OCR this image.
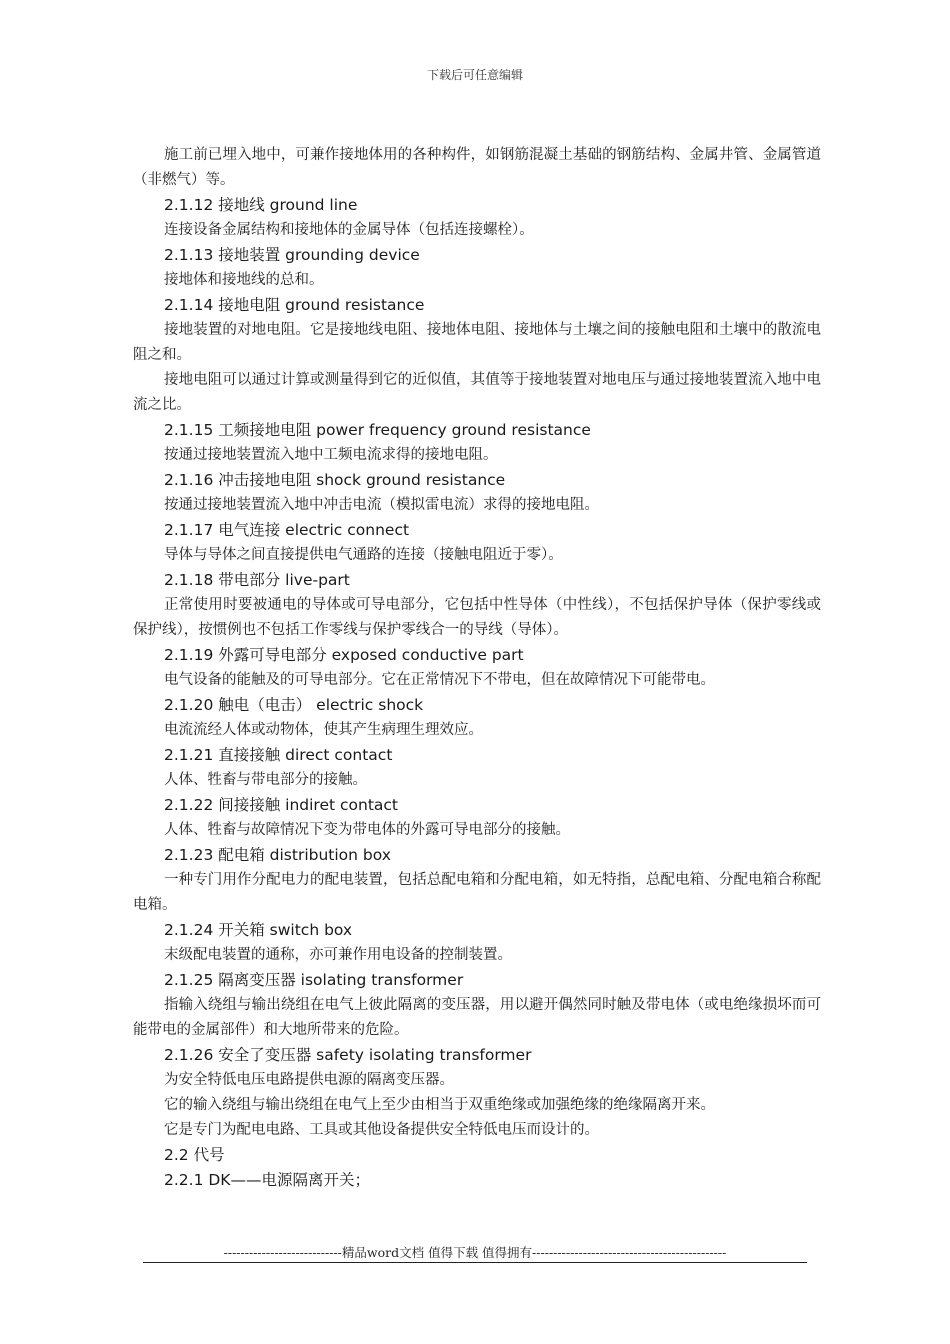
下载后可任意编辑
施工前已埋入地中，可兼作接地体用的各种构件，如钢筋混凝土基础的钢筋结构、金属井管、金属管道（非燃气）等。
2.1.12 接地线 ground line
连接设备金属结构和接地体的金属导体（包括连接螺栓）。
2.1.13 接地装置 grounding device
接地体和接地线的总和。
2.1.14 接地电阻 ground resistance
接地装置的对地电阻。它是接地线电阻、接地体电阻、接地体与土壤之间的接触电阻和土壤中的散流电阻之和。
接地电阻可以通过计算或测量得到它的近似值，其值等于接地装置对地电压与通过接地装置流入地中电流之比。
2.1.15 工频接地电阻 power frequency ground resistance
按通过接地装置流入地中工频电流求得的接地电阻。
2.1.16 冲击接地电阻 shock ground resistance
按通过接地装置流入地中冲击电流（模拟雷电流）求得的接地电阻。
2.1.17 电气连接 electric connect
导体与导体之间直接提供电气通路的连接（接触电阻近于零）。
2.1.18 带电部分 live-part
正常使用时要被通电的导体或可导电部分，它包括中性导体（中性线），不包括保护导体（保护零线或保护线），按惯例也不包括工作零线与保护零线合一的导线（导体）。
2.1.19 外露可导电部分 exposed conductive part
电气设备的能触及的可导电部分。它在正常情况下不带电，但在故障情况下可能带电。
2.1.20 触电（电击） electric shock
电流流经人体或动物体，使其产生病理生理效应。
2.1.21 直接接触 direct contact
人体、牲畜与带电部分的接触。
2.1.22 间接接触 indiret contact
人体、牲畜与故障情况下变为带电体的外露可导电部分的接触。
2.1.23 配电箱 distribution box
一种专门用作分配电力的配电装置，包括总配电箱和分配电箱，如无特指，总配电箱、分配电箱合称配电箱。
2.1.24 开关箱 switch box
末级配电装置的通称，亦可兼作用电设备的控制装置。
2.1.25 隔离变压器 isolating transformer
指输入绕组与输出绕组在电气上彼此隔离的变压器，用以避开偶然同时触及带电体（或电绝缘损坏而可能带电的金属部件）和大地所带来的危险。
2.1.26 安全了变压器 safety isolating transformer
为安全特低电压电路提供电源的隔离变压器。
它的输入绕组与输出绕组在电气上至少由相当于双重绝缘或加强绝缘的绝缘隔离开来。
它是专门为配电电路、工具或其他设备提供安全特低电压而设计的。
2.2 代号
2.2.1 DK——电源隔离开关；
----------------------------精品word文档 值得下载 值得拥有----------------------------------------------
